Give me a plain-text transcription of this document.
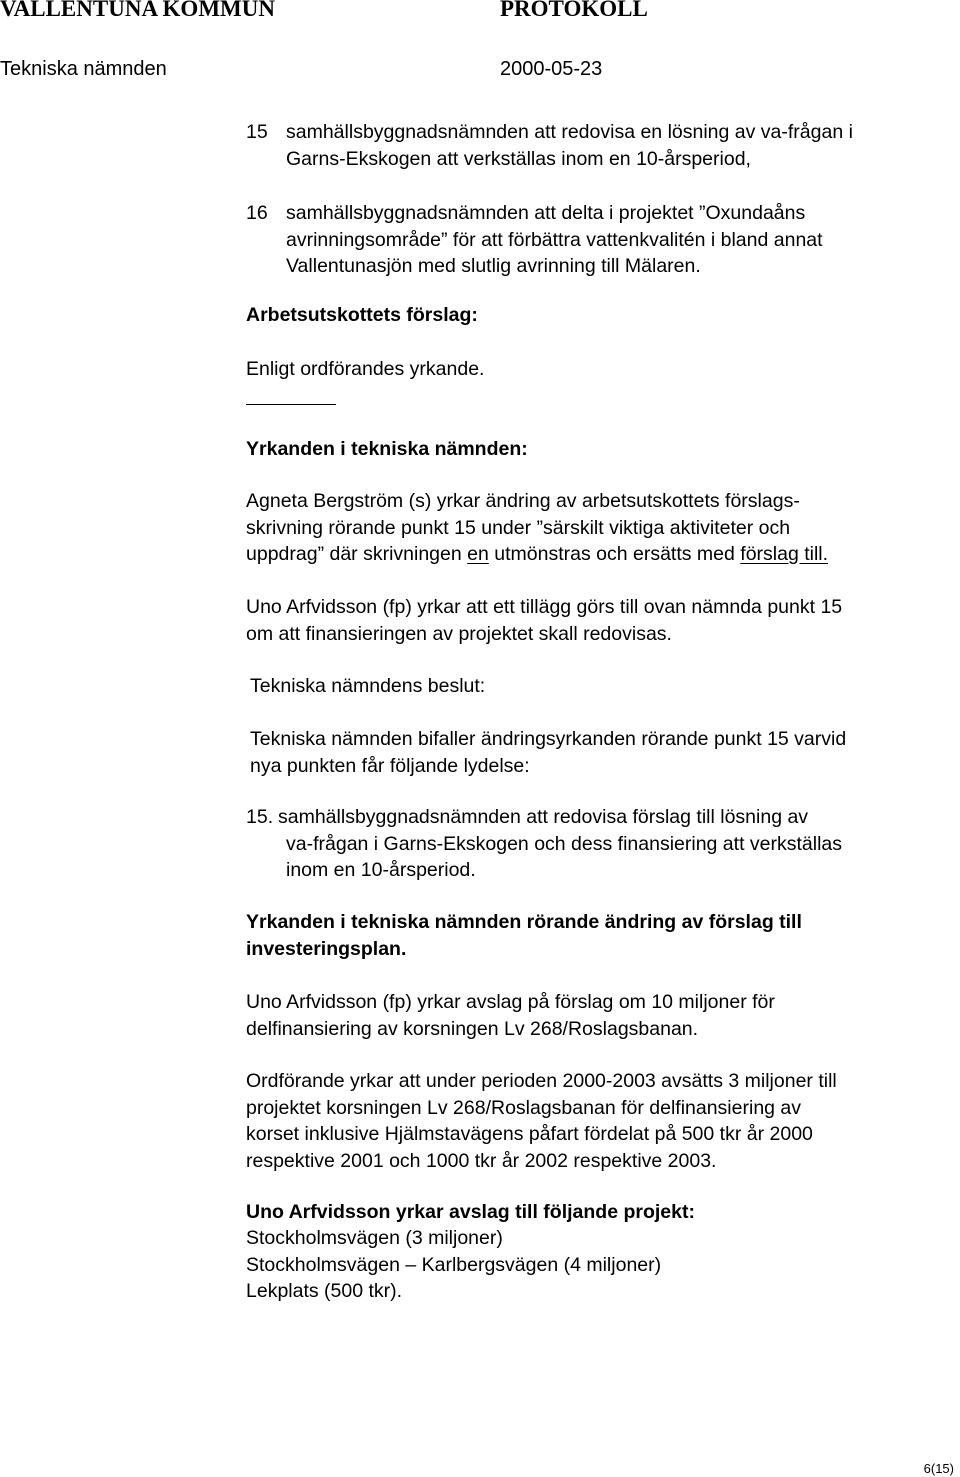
VALLENTUNA KOMMUN	PROTOKOLL
Tekniska nämnden	2000-05-23
15 samhällsbyggnadsnämnden att redovisa en lösning av va-frågan i
Garns-Ekskogen att verkställas inom en 10-årsperiod,
16 samhällsbyggnadsnämnden att delta i projektet ”Oxundaåns
avrinningsområde” för att förbättra vattenkvalitén i bland annat
Vallentunasjön med slutlig avrinning till Mälaren.
Arbetsutskottets förslag:
Enligt ordförandes yrkande.
Yrkanden i tekniska nämnden:
Agneta Bergström (s) yrkar ändring av arbetsutskottets förslags-
skrivning rörande punkt 15 under ”särskilt viktiga aktiviteter och
uppdrag” där skrivningen en utmönstras och ersätts med förslag till.
Uno Arfvidsson (fp) yrkar att ett tillägg görs till ovan nämnda punkt 15
om att finansieringen av projektet skall redovisas.
Tekniska nämndens beslut:
Tekniska nämnden bifaller ändringsyrkanden rörande punkt 15 varvid
nya punkten får följande lydelse:
15. samhällsbyggnadsnämnden att redovisa förslag till lösning av
va-frågan i Garns-Ekskogen och dess finansiering att verkställas
inom en 10-årsperiod.
Yrkanden i tekniska nämnden rörande ändring av förslag till
investeringsplan.
Uno Arfvidsson (fp) yrkar avslag på förslag om 10 miljoner för
delfinansiering av korsningen Lv 268/Roslagsbanan.
Ordförande yrkar att under perioden 2000-2003 avsätts 3 miljoner till
projektet korsningen Lv 268/Roslagsbanan för delfinansiering av
korset inklusive Hjälmstavägens påfart fördelat på 500 tkr år 2000
respektive 2001 och 1000 tkr år 2002 respektive 2003.
Uno Arfvidsson yrkar avslag till följande projekt:
Stockholmsvägen (3 miljoner)
Stockholmsvägen – Karlbergsvägen (4 miljoner)
Lekplats (500 tkr).
6(15)
